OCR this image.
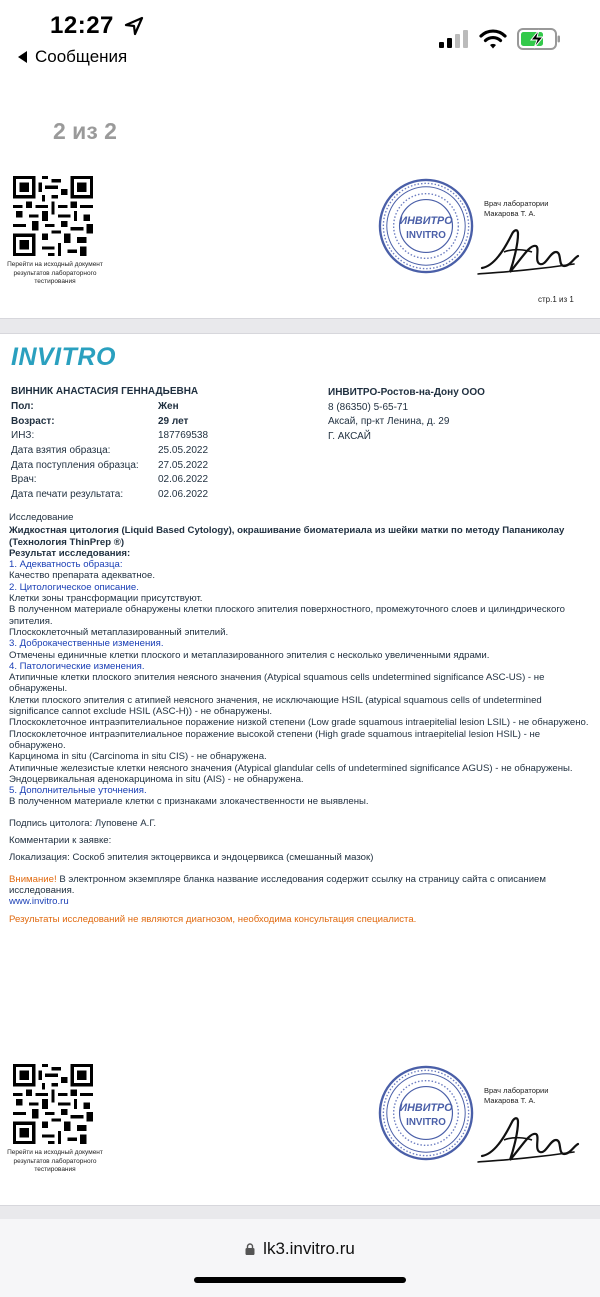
12:27
Сообщения
2 из 2
Перейти на исходный документ результатов лабораторного тестирования
ИНВИТРО
INVITRO
Врач лаборатории
Макарова Т. А.
стр.1 из 1
INVITRO
ВИННИК АНАСТАСИЯ ГЕННАДЬЕВНА
Пол:	Жен
Возраст:	29 лет
ИНЗ:	187769538
Дата взятия образца:	25.05.2022
Дата поступления образца: 27.05.2022
Врач:	02.06.2022
Дата печати результата:	02.06.2022
ИНВИТРО-Ростов-на-Дону ООО
8 (86350) 5-65-71
Аксай, пр-кт Ленина, д. 29
Г. АКСАЙ

Исследование

Жидкостная цитология (Liquid Based Cytology), окрашивание биоматериала из шейки матки по методу Папаниколау (Технология ThinPrep ®)

Результат исследования:

1. Адекватность образца:

Качество препарата адекватное.

2. Цитологическое описание.

Клетки зоны трансформации присутствуют.

В полученном материале обнаружены клетки плоского эпителия поверхностного, промежуточного слоев и цилиндрического эпителия.

Плоскоклеточный метаплазированный эпителий.

3. Доброкачественные изменения.

Отмечены единичные клетки плоского и метаплазированного эпителия с несколько увеличенными ядрами.

4. Патологические изменения.

Атипичные клетки плоского эпителия неясного значения (Atypical squamous cells undetermined significance ASC-US) - не обнаружены.

Клетки плоского эпителия с атипией неясного значения, не исключающие HSIL (atypical squamous cells of undetermined significance cannot exclude HSIL (ASC-H)) - не обнаружены.

Плоскоклеточное интраэпителиальное поражение низкой степени (Low grade squamous intraepitelial lesion LSIL) - не обнаружено.

Плоскоклеточное интраэпителиальное поражение высокой степени (High grade squamous intraepitelial lesion HSIL) - не обнаружено.

Карцинома in situ (Carcinoma in situ CIS) - не обнаружена.

Атипичные железистые клетки неясного значения (Atypical glandular cells of undetermined significance AGUS) - не обнаружены.

Эндоцервикальная аденокарцинома in situ (AIS) - не обнаружена.

5. Дополнительные уточнения.

В полученном материале клетки с признаками злокачественности не выявлены.

Подпись цитолога: Луповене А.Г.

Комментарии к заявке:

Локализация: Соскоб эпителия эктоцервикса и эндоцервикса (смешанный мазок)

Внимание! В электронном экземпляре бланка название исследования содержит ссылку на страницу сайта с описанием исследования.

www.invitro.ru

Результаты исследований не являются диагнозом, необходима консультация специалиста.

Перейти на исходный документ результатов лабораторного тестирования
ИНВИТРО
INVITRO
Врач лаборатории
Макарова Т. А.
lk3.invitro.ru
